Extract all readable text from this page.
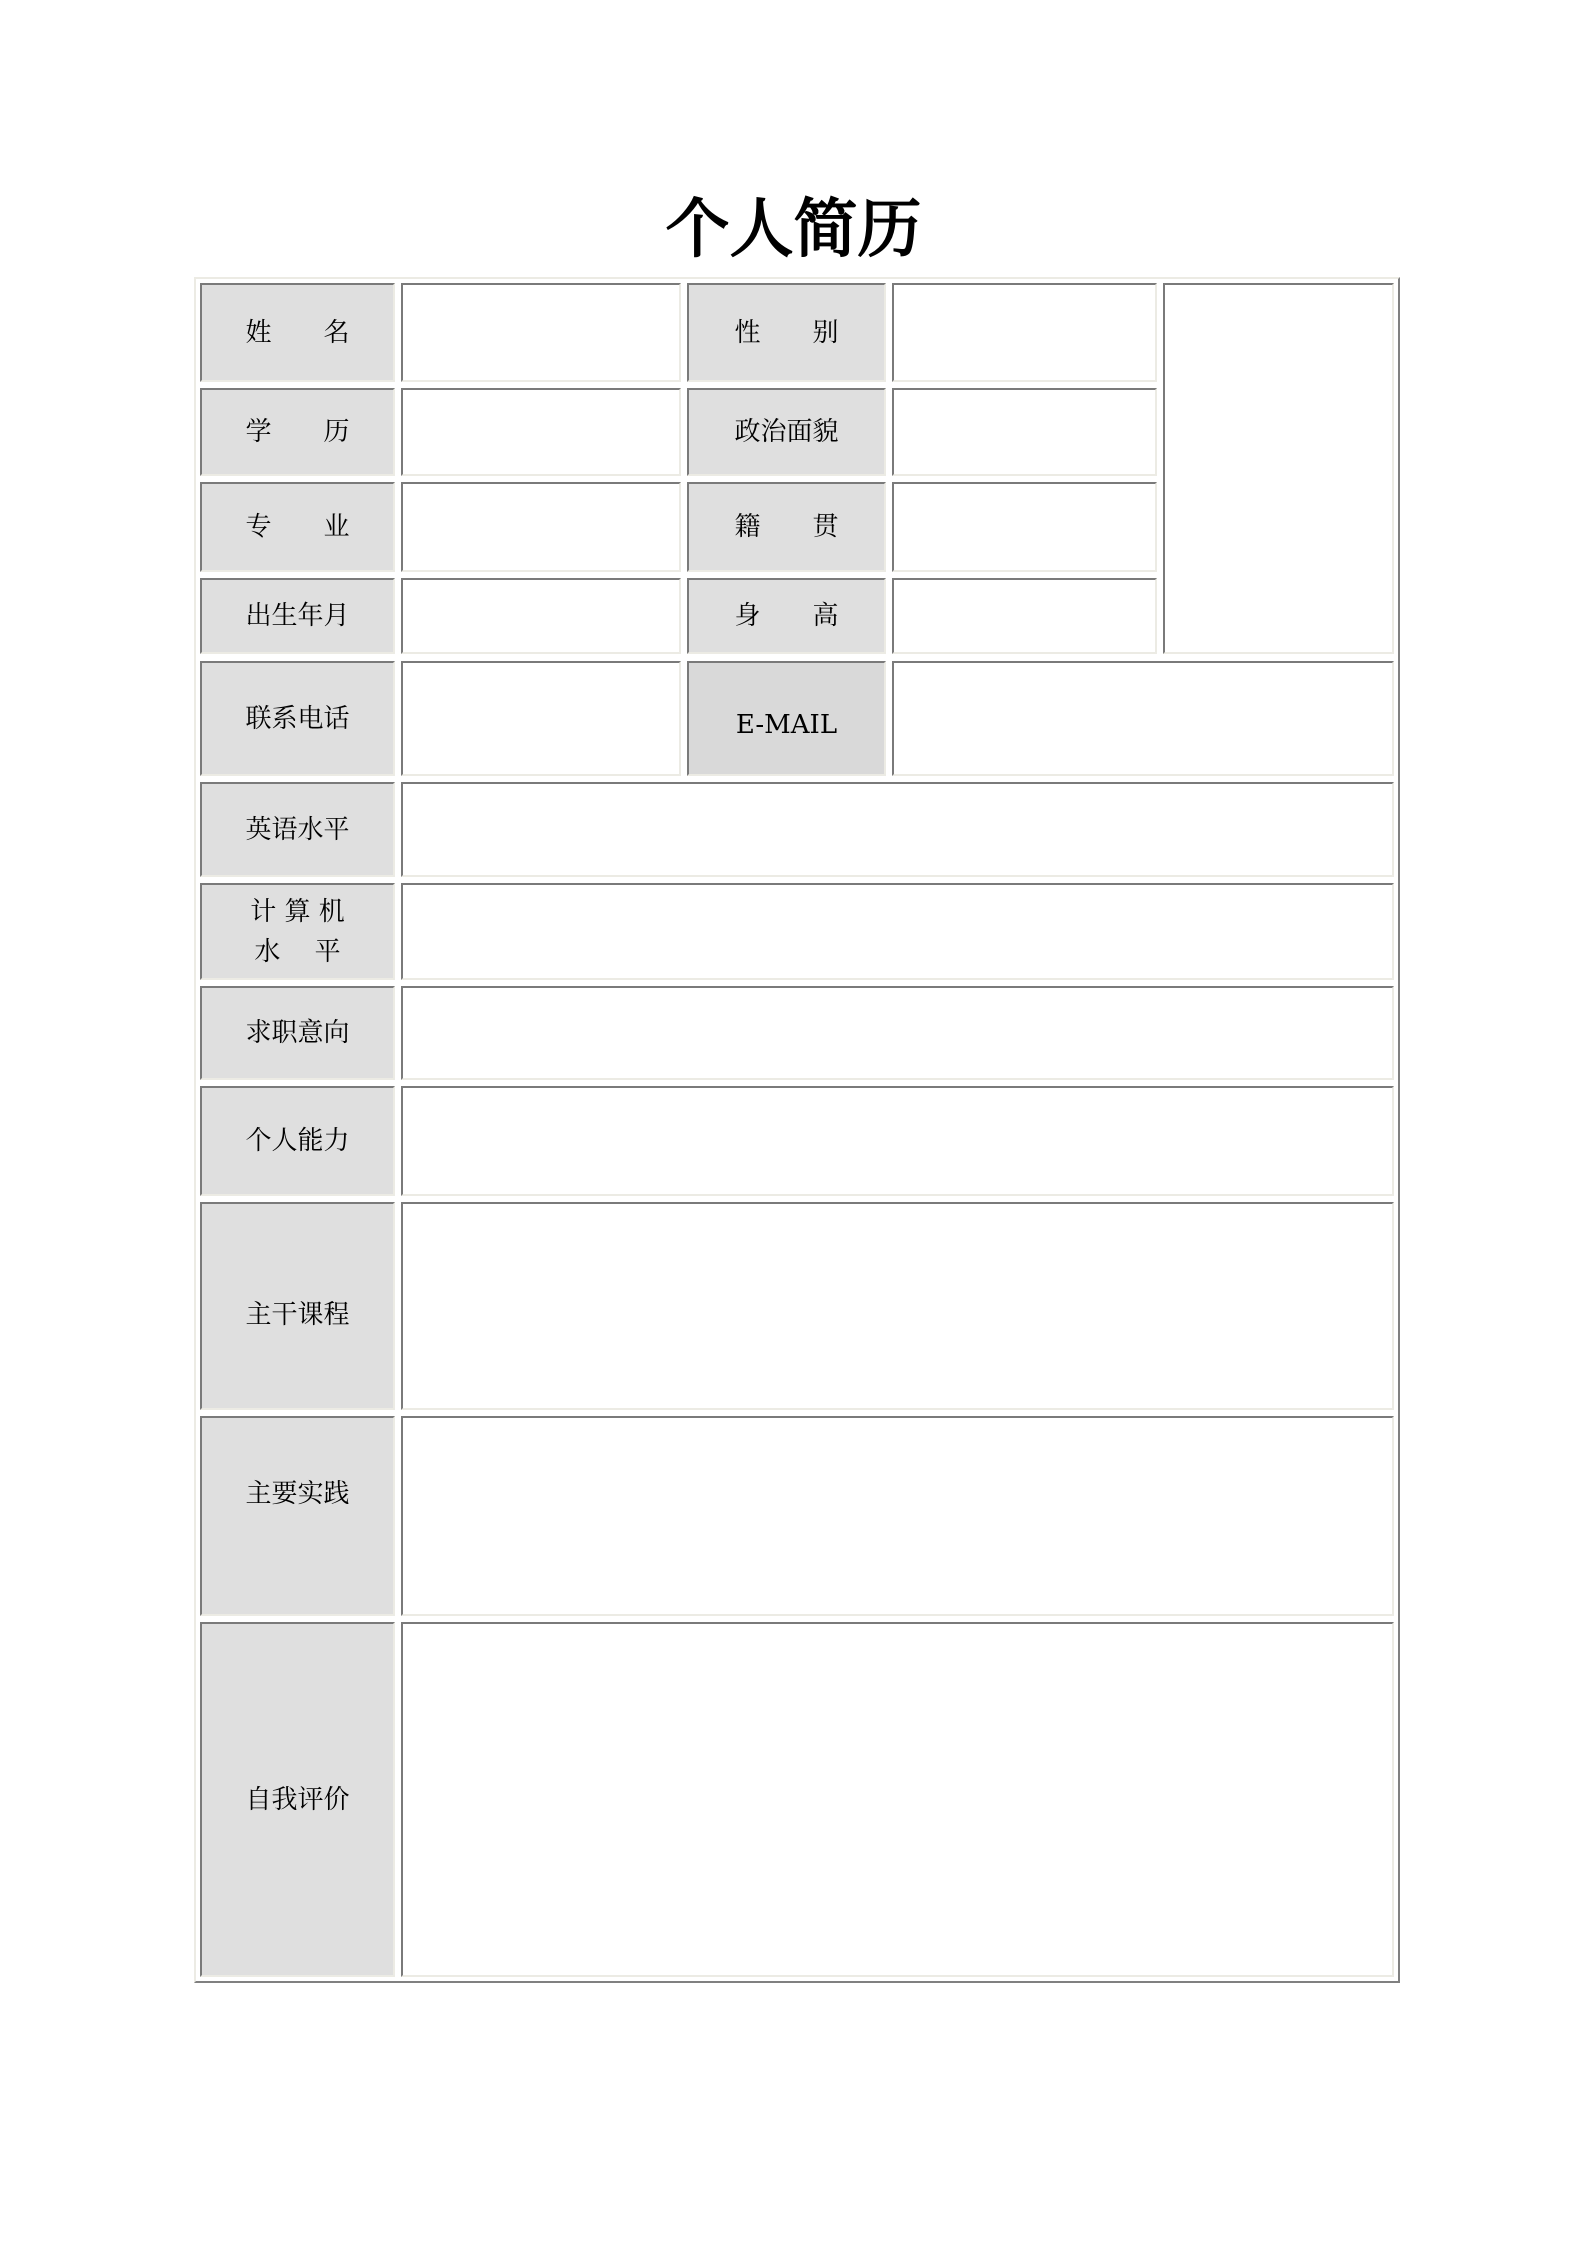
个人简历
姓　　名	性　　别
学　　历	政治面貌
专　　业	籍　　贯
出生年月	身　　高
联系电话	E-MAIL
英语水平
计 算 机
水　 平
求职意向
个人能力
主干课程
主要实践
自我评价
